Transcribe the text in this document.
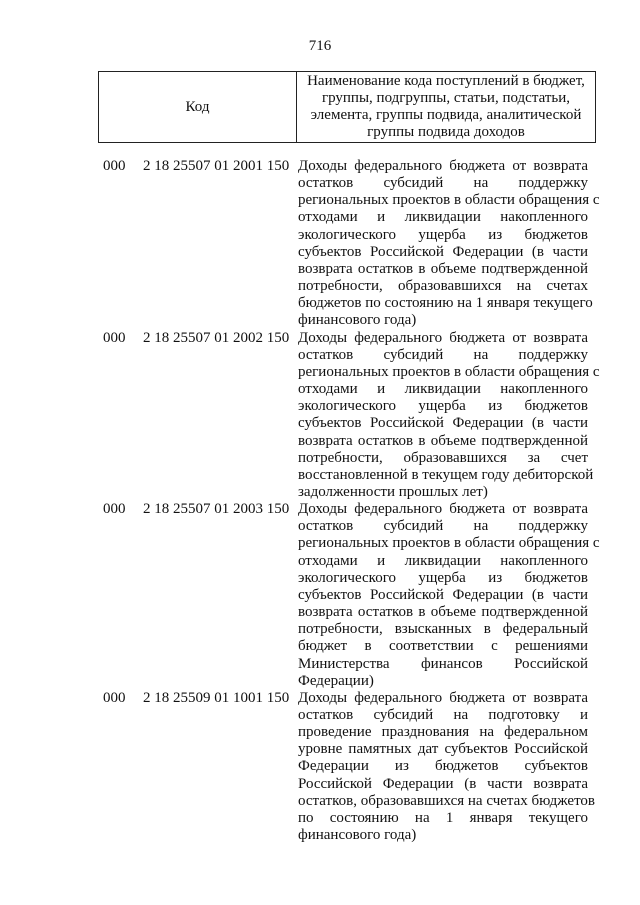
716
Код
Наименование кода поступлений в бюджет,
группы, подгруппы, статьи, подстатьи,
элемента, группы подвида, аналитической
группы подвида доходов
000 2 18 25507 01 2001 150 Доходы федерального бюджета от возврата
остатков субсидий на поддержку
региональных проектов в области обращения с
отходами и ликвидации накопленного
экологического ущерба из бюджетов
субъектов Российской Федерации (в части
возврата остатков в объеме подтвержденной
потребности, образовавшихся на счетах
бюджетов по состоянию на 1 января текущего
финансового года)
000 2 18 25507 01 2002 150 Доходы федерального бюджета от возврата
остатков субсидий на поддержку
региональных проектов в области обращения с
отходами и ликвидации накопленного
экологического ущерба из бюджетов
субъектов Российской Федерации (в части
возврата остатков в объеме подтвержденной
потребности, образовавшихся за счет
восстановленной в текущем году дебиторской
задолженности прошлых лет)
000 2 18 25507 01 2003 150 Доходы федерального бюджета от возврата
остатков субсидий на поддержку
региональных проектов в области обращения с
отходами и ликвидации накопленного
экологического ущерба из бюджетов
субъектов Российской Федерации (в части
возврата остатков в объеме подтвержденной
потребности, взысканных в федеральный
бюджет в соответствии с решениями
Министерства финансов Российской
Федерации)
000 2 18 25509 01 1001 150 Доходы федерального бюджета от возврата
остатков субсидий на подготовку и
проведение празднования на федеральном
уровне памятных дат субъектов Российской
Федерации из бюджетов субъектов
Российской Федерации (в части возврата
остатков, образовавшихся на счетах бюджетов
по состоянию на 1 января текущего
финансового года)
